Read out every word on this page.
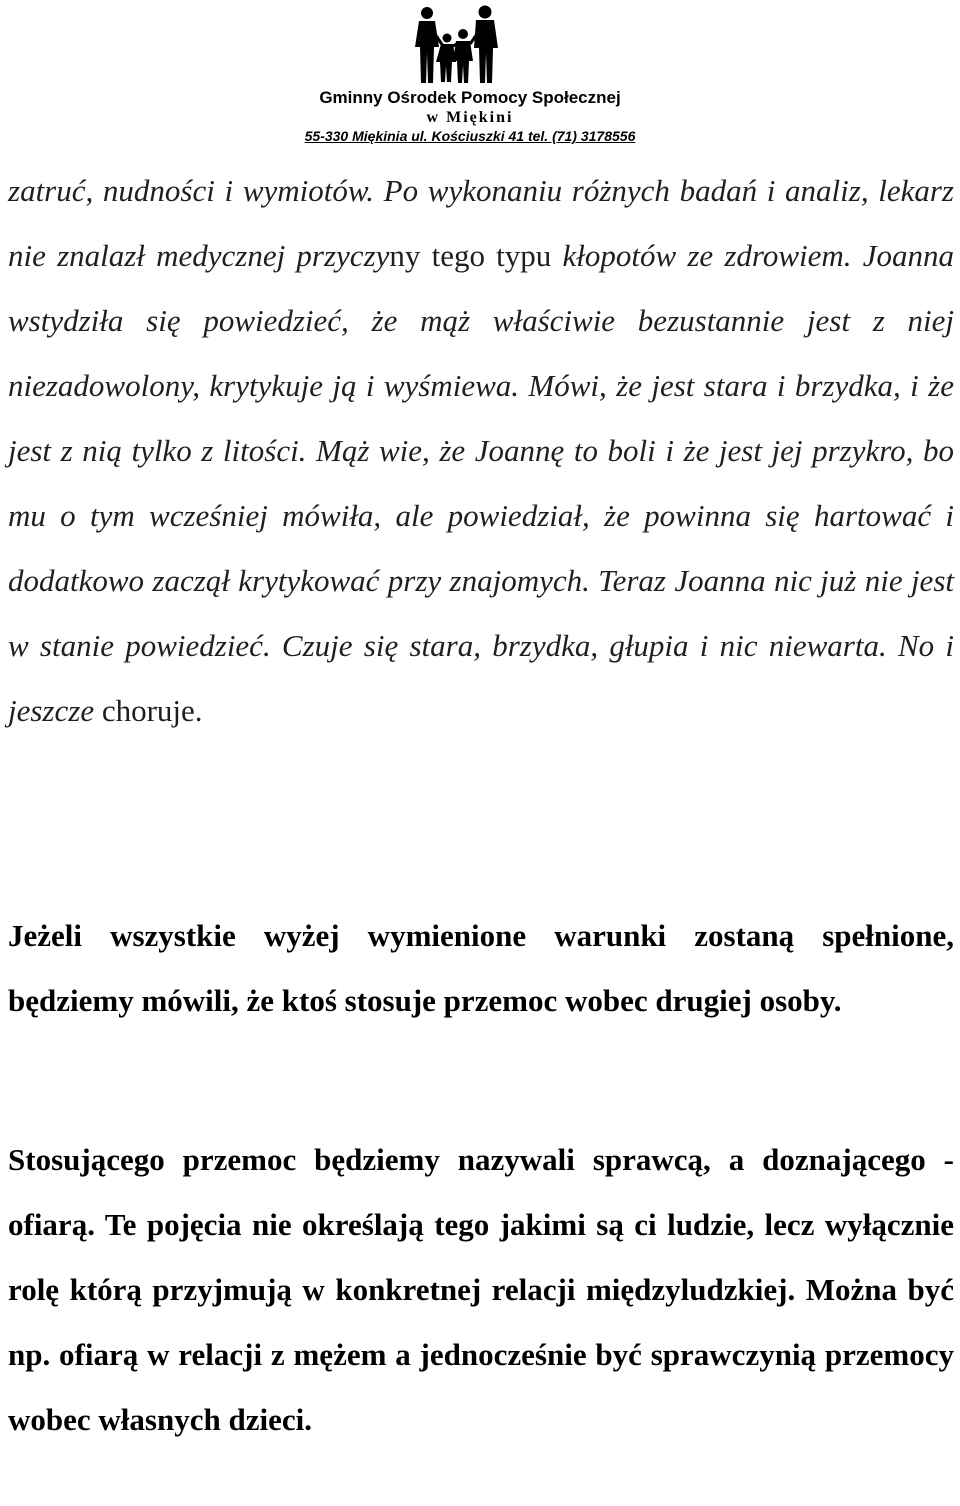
Gminny Ośrodek Pomocy Społecznej
w Miękini
55-330 Miękinia ul. Kościuszki 41 tel. (71) 3178556

zatruć, nudności i wymiotów. Po wykonaniu różnych badań i analiz, lekarz nie znalazł medycznej przyczyny tego typu kłopotów ze zdrowiem. Joanna wstydziła się powiedzieć, że mąż właściwie bezustannie jest z niej niezadowolony, krytykuje ją i wyśmiewa. Mówi, że jest stara i brzydka, i że jest z nią tylko z litości. Mąż wie, że Joannę to boli i że jest jej przykro, bo mu o tym wcześniej mówiła, ale powiedział, że powinna się hartować i dodatkowo zaczął krytykować przy znajomych. Teraz Joanna nic już nie jest w stanie powiedzieć. Czuje się stara, brzydka, głupia i nic niewarta. No i jeszcze choruje.

Jeżeli wszystkie wyżej wymienione warunki zostaną spełnione, będziemy mówili, że ktoś stosuje przemoc wobec drugiej osoby.

Stosującego przemoc będziemy nazywali sprawcą, a doznającego - ofiarą. Te pojęcia nie określają tego jakimi są ci ludzie, lecz wyłącznie rolę którą przyjmują w konkretnej relacji międzyludzkiej. Można być np. ofiarą w relacji z mężem a jednocześnie być sprawczynią przemocy wobec własnych dzieci.
